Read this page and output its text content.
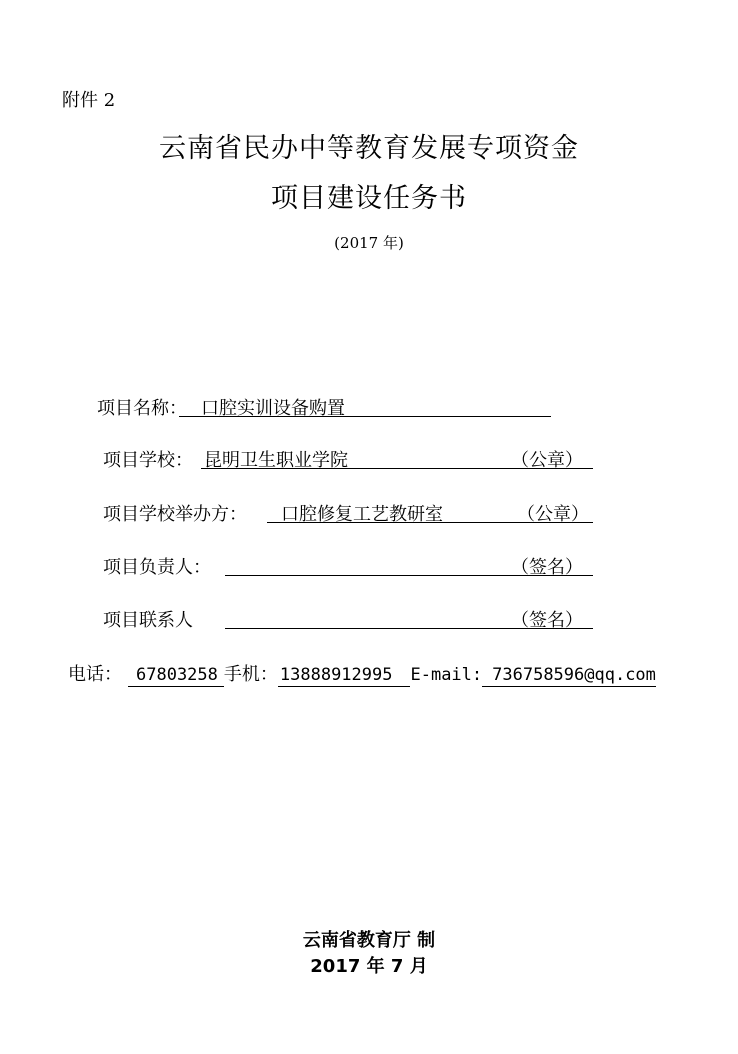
附件 2
云南省民办中等教育发展专项资金
项目建设任务书
(2017 年)
项目名称： 口腔实训设备购置
项目学校： 昆明卫生职业学院	（公章）
项目学校举办方： 口腔修复工艺教研室	（公章）
项目负责人：	（签名）
项目联系人	（签名）
电话： 67803258 手机： 13888912995 E-mail: 736758596@qq.com
云南省教育厅 制
2017 年 7 月
